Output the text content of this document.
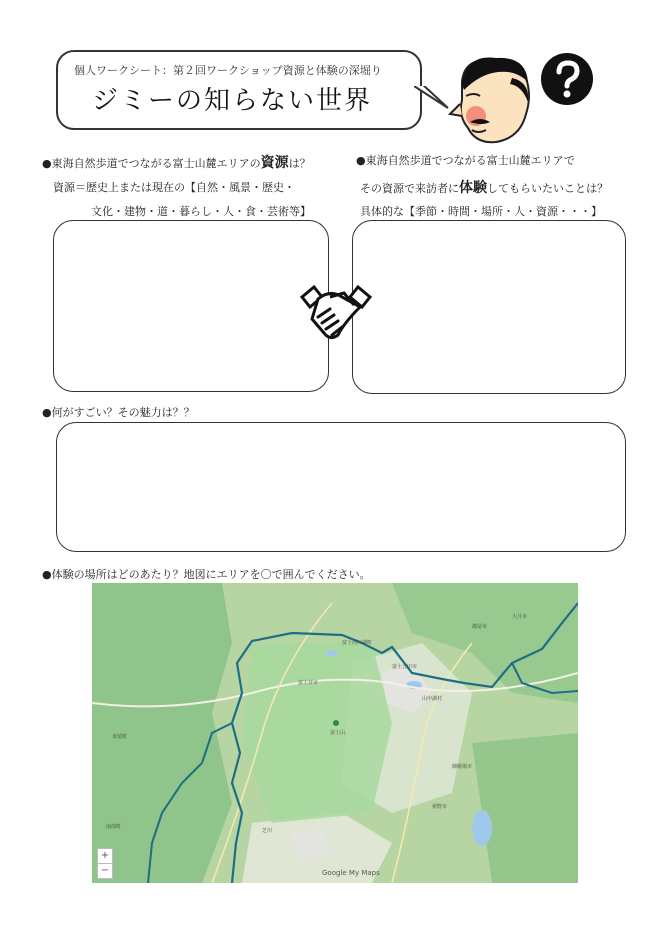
個人ワークシート：第２回ワークショップ資源と体験の深堀り
ジミーの知らない世界
●東海自然歩道でつながる富士山麓エリアの資源は？
資源＝歴史上または現在の【自然・風景・歴史・
文化・建物・道・暮らし・人・食・芸術等】
●東海自然歩道でつながる富士山麓エリアで
その資源で来訪者に体験してもらいたいことは？
具体的な【季節・時間・場所・人・資源・・・】
●何がすごい？その魅力は？？
●体験の場所はどのあたり？地図にエリアを〇で囲んでください。
富士宮市
富士山
富士河口湖町
山中湖村
大月市
都留市
富士吉田市
御殿場市
裾野市
身延町
南部町
芝川
+
−	Google My Maps
